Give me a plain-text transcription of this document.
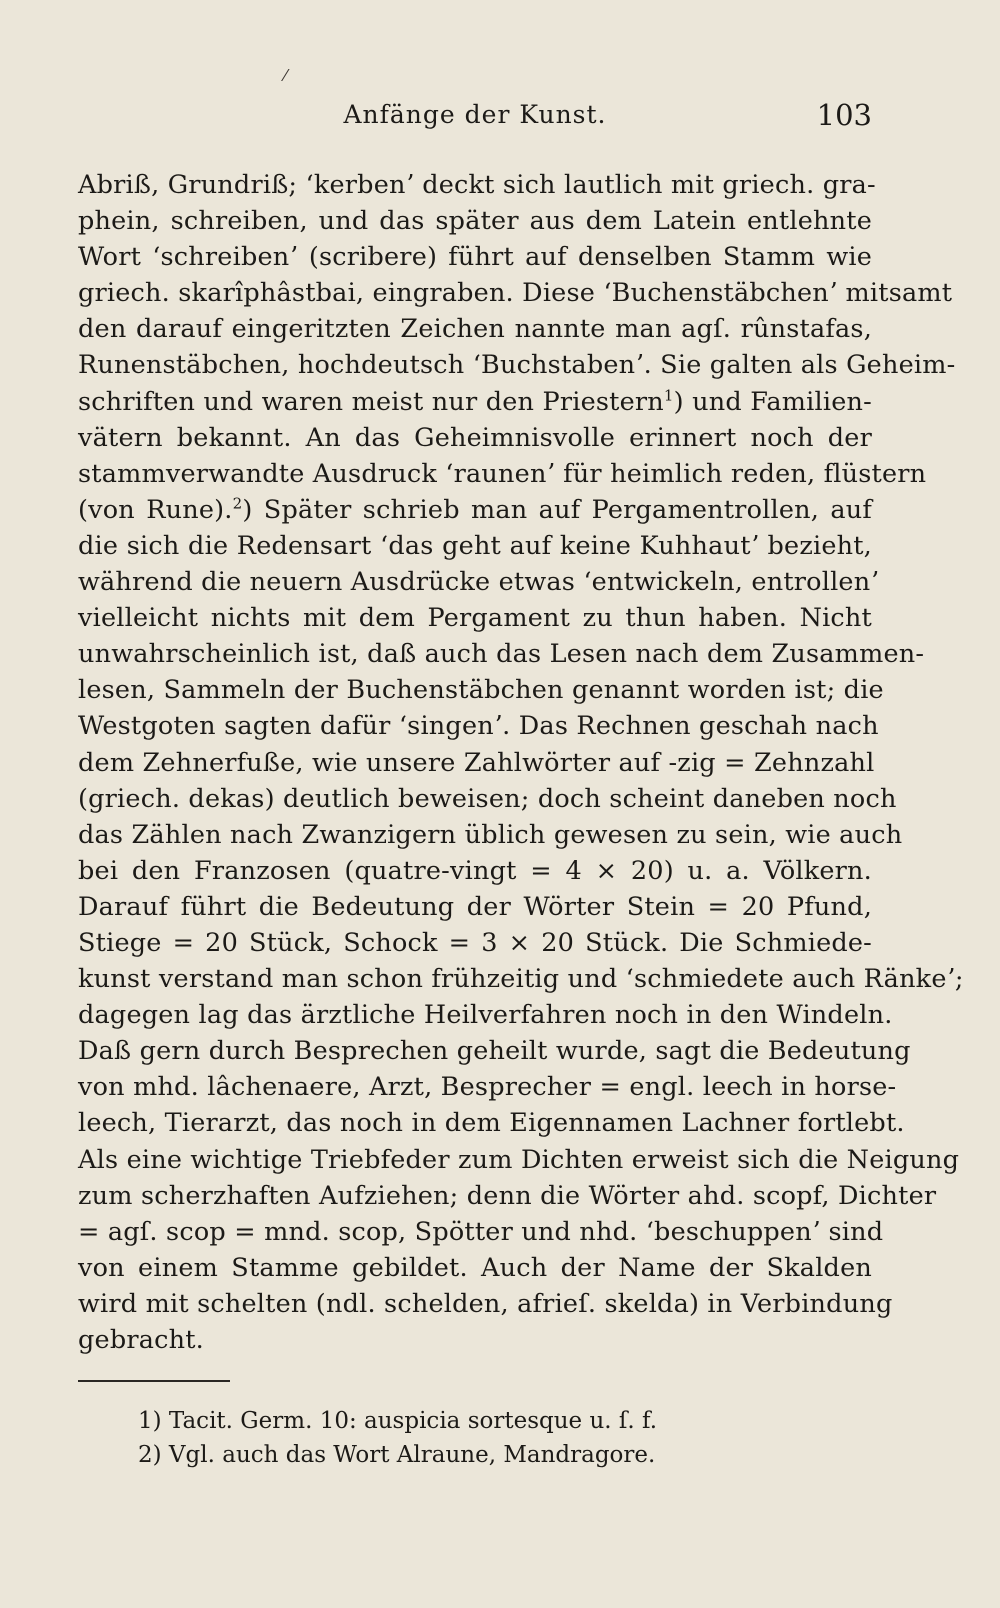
⁄
Anfänge der Kunst.	103
Abriß, Grundriß; ʻkerbenʼ deckt sich lautlich mit griech. gra-
phein, schreiben, und das später aus dem Latein entlehnte
Wort ʻschreibenʼ (scribere) führt auf denselben Stamm wie
griech. skarîphâstbai, eingraben. Diese ʻBuchenstäbchenʼ mitsamt
den darauf eingeritzten Zeichen nannte man agſ. rûnstafas,
Runenstäbchen, hochdeutsch ʻBuchstabenʼ. Sie galten als Geheim-
schriften und waren meist nur den Priestern$^1$) und Familien-
vätern bekannt. An das Geheimnisvolle erinnert noch der
stammverwandte Ausdruck ʻraunenʼ für heimlich reden, flüstern
(von Rune).$^2$) Später schrieb man auf Pergamentrollen, auf
die sich die Redensart ʻdas geht auf keine Kuhhautʼ bezieht,
während die neuern Ausdrücke etwas ʻentwickeln, entrollenʼ
vielleicht nichts mit dem Pergament zu thun haben. Nicht
unwahrscheinlich ist, daß auch das Lesen nach dem Zusammen-
lesen, Sammeln der Buchenstäbchen genannt worden ist; die
Westgoten sagten dafür ʻsingenʼ. Das Rechnen geschah nach
dem Zehnerfuße, wie unsere Zahlwörter auf -zig = Zehnzahl
(griech. dekas) deutlich beweisen; doch scheint daneben noch
das Zählen nach Zwanzigern üblich gewesen zu sein, wie auch
bei den Franzosen (quatre-vingt = 4 × 20) u. a. Völkern.
Darauf führt die Bedeutung der Wörter Stein = 20 Pfund,
Stiege = 20 Stück, Schock = 3 × 20 Stück. Die Schmiede-
kunst verstand man schon frühzeitig und ʻschmiedete auch Ränkeʼ;
dagegen lag das ärztliche Heilverfahren noch in den Windeln.
Daß gern durch Besprechen geheilt wurde, sagt die Bedeutung
von mhd. lâchenaere, Arzt, Besprecher = engl. leech in horse-
leech, Tierarzt, das noch in dem Eigennamen Lachner fortlebt.
Als eine wichtige Triebfeder zum Dichten erweist sich die Neigung
zum scherzhaften Aufziehen; denn die Wörter ahd. scopf, Dichter
= agſ. scop = mnd. scop, Spötter und nhd. ʻbeschuppenʼ sind
von einem Stamme gebildet. Auch der Name der Skalden
wird mit schelten (ndl. schelden, afrieſ. skelda) in Verbindung
gebracht.
1) Tacit. Germ. 10: auspicia sortesque u. ſ. f.
2) Vgl. auch das Wort Alraune, Mandragore.
